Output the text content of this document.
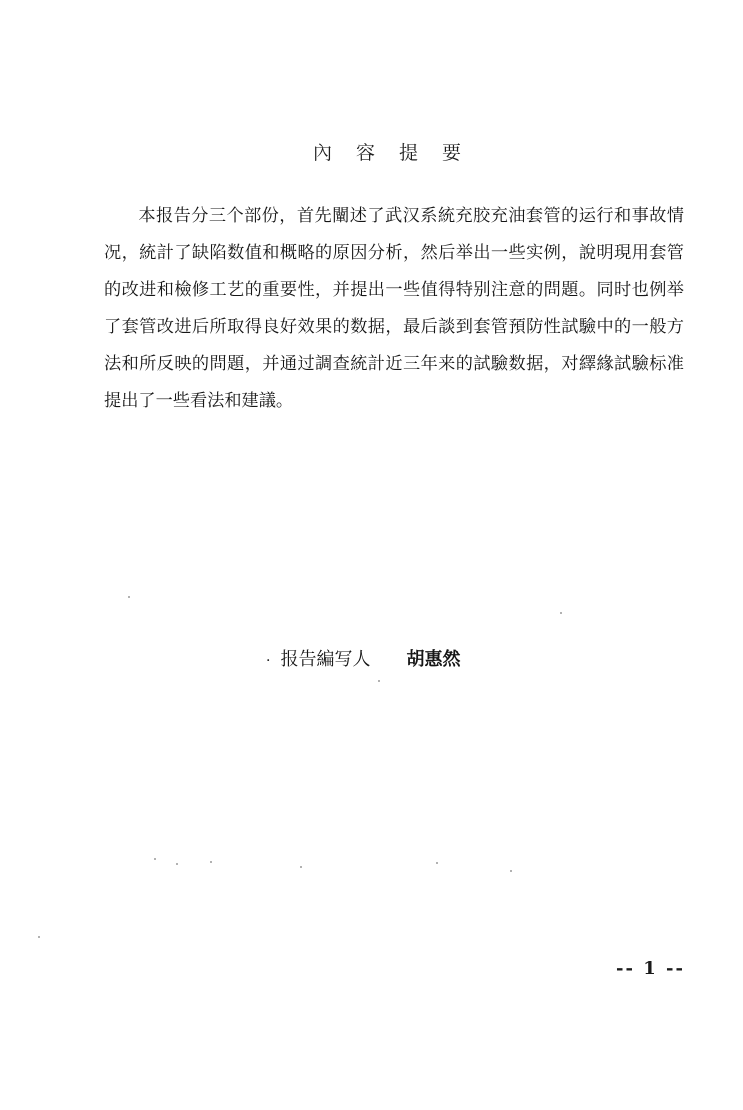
內 容 提 要

本报告分三个部份，首先闡述了武汉系統充胶充油套管的运行和事故情况，統計了缺陷数值和概略的原因分析，然后举出一些实例，說明現用套管的改进和檢修工艺的重要性，并提出一些值得特别注意的問題。同时也例举了套管改进后所取得良好效果的数据，最后談到套管預防性試驗中的一般方法和所反映的問題，并通过調查統計近三年来的試驗数据，对繹緣試驗标准提出了一些看法和建議。

· 报告編写人 胡惠然
-- 1 --
